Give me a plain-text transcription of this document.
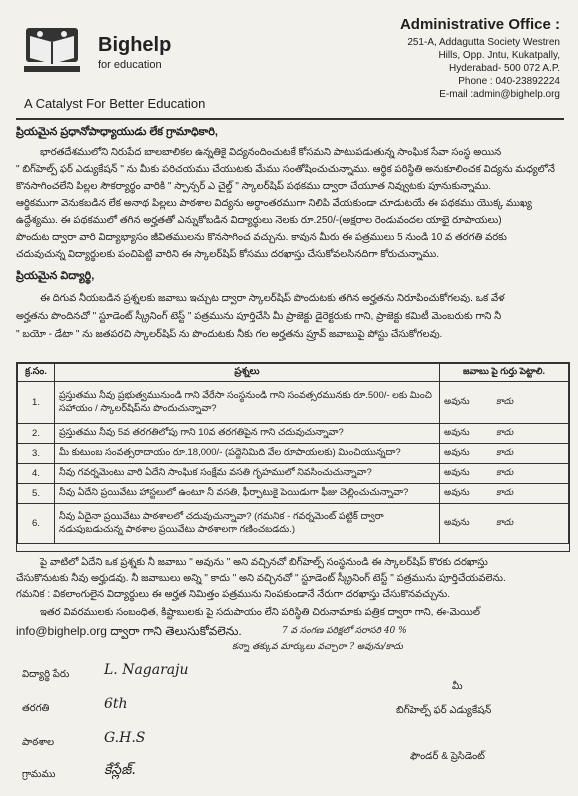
Bighelp
for education
A Catalyst For Better Education
Administrative Office :
251-A, Addagutta Society Westren
Hills, Opp. Jntu, Kukatpally,
Hyderabad- 500 072 A.P.
Phone : 040-23892224
E-mail :admin@bighelp.org
ప్రియమైన ప్రధానోపాధ్యాయుడు లేక గ్రామాధికారి,
భారతదేశములోని నిరుపేద బాలబాలికల ఉన్నతికై విద్యనందించుటకే కోసమని పాటుపడుతున్న సాంఘిక సేవా సంస్థ అయిన
" బిగ్‌హెల్ప్ ఫర్ ఎడ్యుకేషన్ " ను మీకు పరిచయము చేయుటకు మేము సంతోషించుచున్నాము. ఆర్థిక పరిస్థితి అనుకూలించక విద్యను మధ్యలోనే
కొనసాగించలేని పిల్లల సౌకర్యార్థం వారికి " స్పాన్సర్ ఎ చైల్డ్ " స్కాలర్‌షిప్ పథకము ద్వారా చేయూత నివ్వుటకు పూనుకున్నాము.
ఆర్థికముగా వెనుకబడిన లేక అనాథ పిల్లలు పాఠశాల విద్యను అర్ధాంతరముగా నిలిపి వేయకుండా చూడుటయే ఈ పథకము యొక్క ముఖ్య
ఉద్దేశ్యము. ఈ పథకములో తగిన అర్హతతో ఎన్నుకోబడిన విద్యార్థులు నెలకు రూ.250/-(అక్షరాల రెండువందల యాభై రూపాయలు)
పొందుట ద్వారా వారి విద్యాభ్యాసం జీవితములను కొనసాగించ వచ్చును. కావున మీరు ఈ పత్రములు 5 నుండి 10 వ తరగతి వరకు
చదువుచున్న విద్యార్థులకు పంచిపెట్టి వారిని ఈ స్కాలర్‌షిప్ కోసము దరఖాస్తు చేసుకోవలసినదిగా కోరుచున్నాము.
ప్రియమైన విద్యార్థి,
ఈ దిగువ నీయబడిన ప్రశ్నలకు జవాబు ఇచ్చుట ద్వారా స్కాలర్‌షిప్ పొందుటకు తగిన అర్హతను నిరూపించుకోగలవు. ఒక వేళ
అర్హతను పొందినచో " స్టూడెంట్ స్క్రీనింగ్ టెస్ట్ " పత్రమును పూర్తిచేసి మీ ప్రాజెక్టు డైరెక్టరుకు గాని, ప్రాజెక్టు కమిటీ మెంబరుకు గాని నీ
" బయో - డేటా " ను జతపరచి స్కాలర్‌షిప్ ను పొందుటకు నీకు గల అర్హతను ప్రూవ్ జవాబుపై పోస్టు చేసుకోగలవు.
క్ర.సం.	ప్రశ్నలు	జవాబు పై గుర్తు పెట్టాలి.
1.	ప్రస్తుతము నీవు ప్రభుత్వమునుండి గాని వేరేసా సంస్థనుండి గాని సంవత్సరమునకు రూ.500/- లకు మించి సహాయం / స్కాలర్‌షిప్‌ను పొందుచున్నావా?	అవును కాదు
2.	ప్రస్తుతము నీవు 5వ తరగతిలోపు గాని 10వ తరగతిపైన గాని చదువుచున్నావా?	అవును కాదు
3.	మీ కుటుంబ సంవత్సరాదాయం రూ.18,000/- (పద్దెనిమిది వేల రూపాయలకు) మించియున్నదా?	అవును కాదు
4.	నీవు గవర్నమెంటు వారి ఏదేని సాంఘిక సంక్షేమ వసతి గృహములో నివసించుచున్నావా?	అవును కాదు
5.	నీవు ఏదేని ప్రయివేటు హాస్టలులో ఉంటూ నీ వసతి, ఫీర్పాటుకై పెయిడుగా ఫీజు చెల్లించుచున్నావా?	అవును కాదు
6.	నీవు ఏదైనా ప్రయివేటు పాఠశాలలో చదువుచున్నావా? (గమనిక - గవర్నమెంట్ పట్టిక్ ద్వారా నడుపుబడుచున్న పాఠశాల ప్రయివేటు పాఠశాలగా గణించబడదు.)	అవును కాదు
పై వాటిలో ఏదేని ఒక ప్రశ్నకు నీ జవాబు " అవును " అని వచ్చినచో బిగ్‌హెల్ప్ సంస్థనుండి ఈ స్కాలర్‌షిప్ కొరకు దరఖాస్తు
చేసుకొనుటకు నీవు అర్హుడవు. నీ జవాబులు అన్ని " కాదు " అని వచ్చినచో " స్టూడెంట్ స్క్రీనింగ్ టెస్ట్ " పత్రమును పూర్తిచేయవలెను.
గమనిక : వికలాంగులైన విద్యార్థులు ఈ అర్హత నిమిత్తం పత్రమును నింపకుండానే నేరుగా దరఖాస్తు చేసుకొనవచ్చును.
ఇతర వివరములకు సంబంధిత, కిష్టాబులకు పై సదుపాయం లేని పరిస్థితి చిరునామాకు పత్రిక ద్వారా గాని, ఈ-మెయిల్
info@bighelp.org ద్వారా గాని తెలుసుకోవలెను.	7 వ సంగణ పరిక్షలో సరాసరి 40 %
కన్నా తక్కువ మార్కులు వచ్చారా ? అవును/కాదు
విద్యార్థి పేరు L. Nagaraju
తరగతి	6th
పాఠశాల	G.H.S
గ్రామము	కేస్లేజ్.
మీ
బిగ్‌హెల్ప్ ఫర్ ఎడ్యుకేషన్
ఫౌండర్ & ప్రెసిడెంట్
